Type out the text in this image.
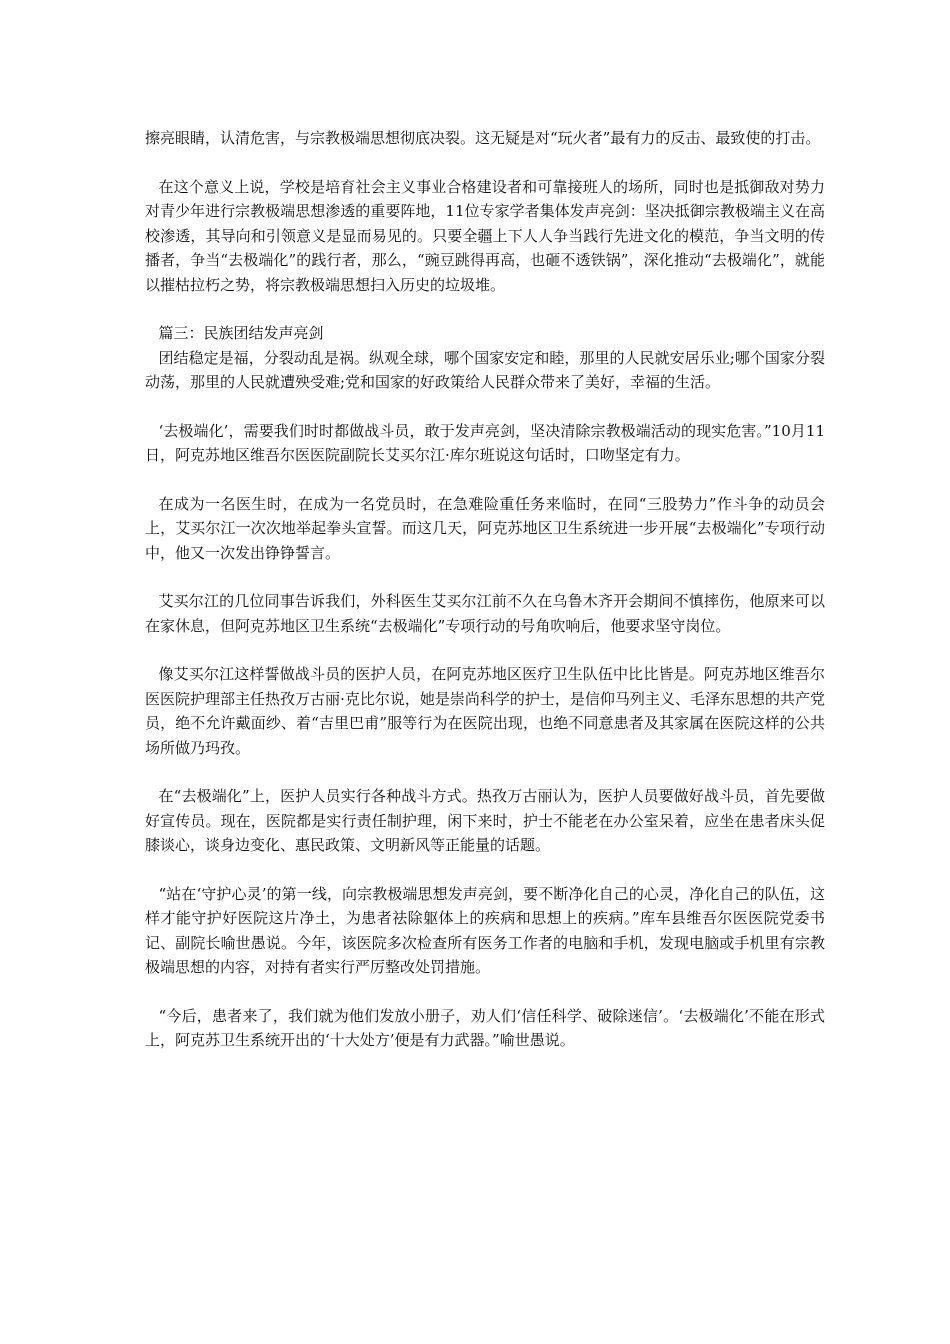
擦亮眼睛，认清危害，与宗教极端思想彻底决裂。这无疑是对“玩火者”最有力的反击、最致使的打击。

在这个意义上说，学校是培育社会主义事业合格建设者和可靠接班人的场所，同时也是抵御敌对势力对青少年进行宗教极端思想渗透的重要阵地，11位专家学者集体发声亮剑：坚决抵御宗教极端主义在高校渗透，其导向和引领意义是显而易见的。只要全疆上下人人争当践行先进文化的模范，争当文明的传播者，争当“去极端化”的践行者，那么，“豌豆跳得再高，也砸不透铁锅”，深化推动“去极端化”，就能以摧枯拉朽之势，将宗教极端思想扫入历史的垃圾堆。

篇三：民族团结发声亮剑

团结稳定是福，分裂动乱是祸。纵观全球，哪个国家安定和睦，那里的人民就安居乐业;哪个国家分裂动荡，那里的人民就遭殃受难;党和国家的好政策给人民群众带来了美好，幸福的生活。

‘去极端化’，需要我们时时都做战斗员，敢于发声亮剑，坚决清除宗教极端活动的现实危害。”10月11日，阿克苏地区维吾尔医医院副院长艾买尔江·库尔班说这句话时，口吻坚定有力。

在成为一名医生时，在成为一名党员时，在急难险重任务来临时，在同“三股势力”作斗争的动员会上，艾买尔江一次次地举起拳头宣誓。而这几天，阿克苏地区卫生系统进一步开展“去极端化”专项行动中，他又一次发出铮铮誓言。

艾买尔江的几位同事告诉我们，外科医生艾买尔江前不久在乌鲁木齐开会期间不慎摔伤，他原来可以在家休息，但阿克苏地区卫生系统“去极端化”专项行动的号角吹响后，他要求坚守岗位。

像艾买尔江这样誓做战斗员的医护人员，在阿克苏地区医疗卫生队伍中比比皆是。阿克苏地区维吾尔医医院护理部主任热孜万古丽·克比尔说，她是崇尚科学的护士，是信仰马列主义、毛泽东思想的共产党员，绝不允许戴面纱、着“吉里巴甫”服等行为在医院出现，也绝不同意患者及其家属在医院这样的公共场所做乃玛孜。

在“去极端化”上，医护人员实行各种战斗方式。热孜万古丽认为，医护人员要做好战斗员，首先要做好宣传员。现在，医院都是实行责任制护理，闲下来时，护士不能老在办公室呆着，应坐在患者床头促膝谈心，谈身边变化、惠民政策、文明新风等正能量的话题。

“站在‘守护心灵’的第一线，向宗教极端思想发声亮剑，要不断净化自己的心灵，净化自己的队伍，这样才能守护好医院这片净土，为患者祛除躯体上的疾病和思想上的疾病。”库车县维吾尔医医院党委书记、副院长喻世愚说。今年，该医院多次检查所有医务工作者的电脑和手机，发现电脑或手机里有宗教极端思想的内容，对持有者实行严厉整改处罚措施。

“今后，患者来了，我们就为他们发放小册子，劝人们‘信任科学、破除迷信’。‘去极端化’不能在形式上，阿克苏卫生系统开出的‘十大处方’便是有力武器。”喻世愚说。
